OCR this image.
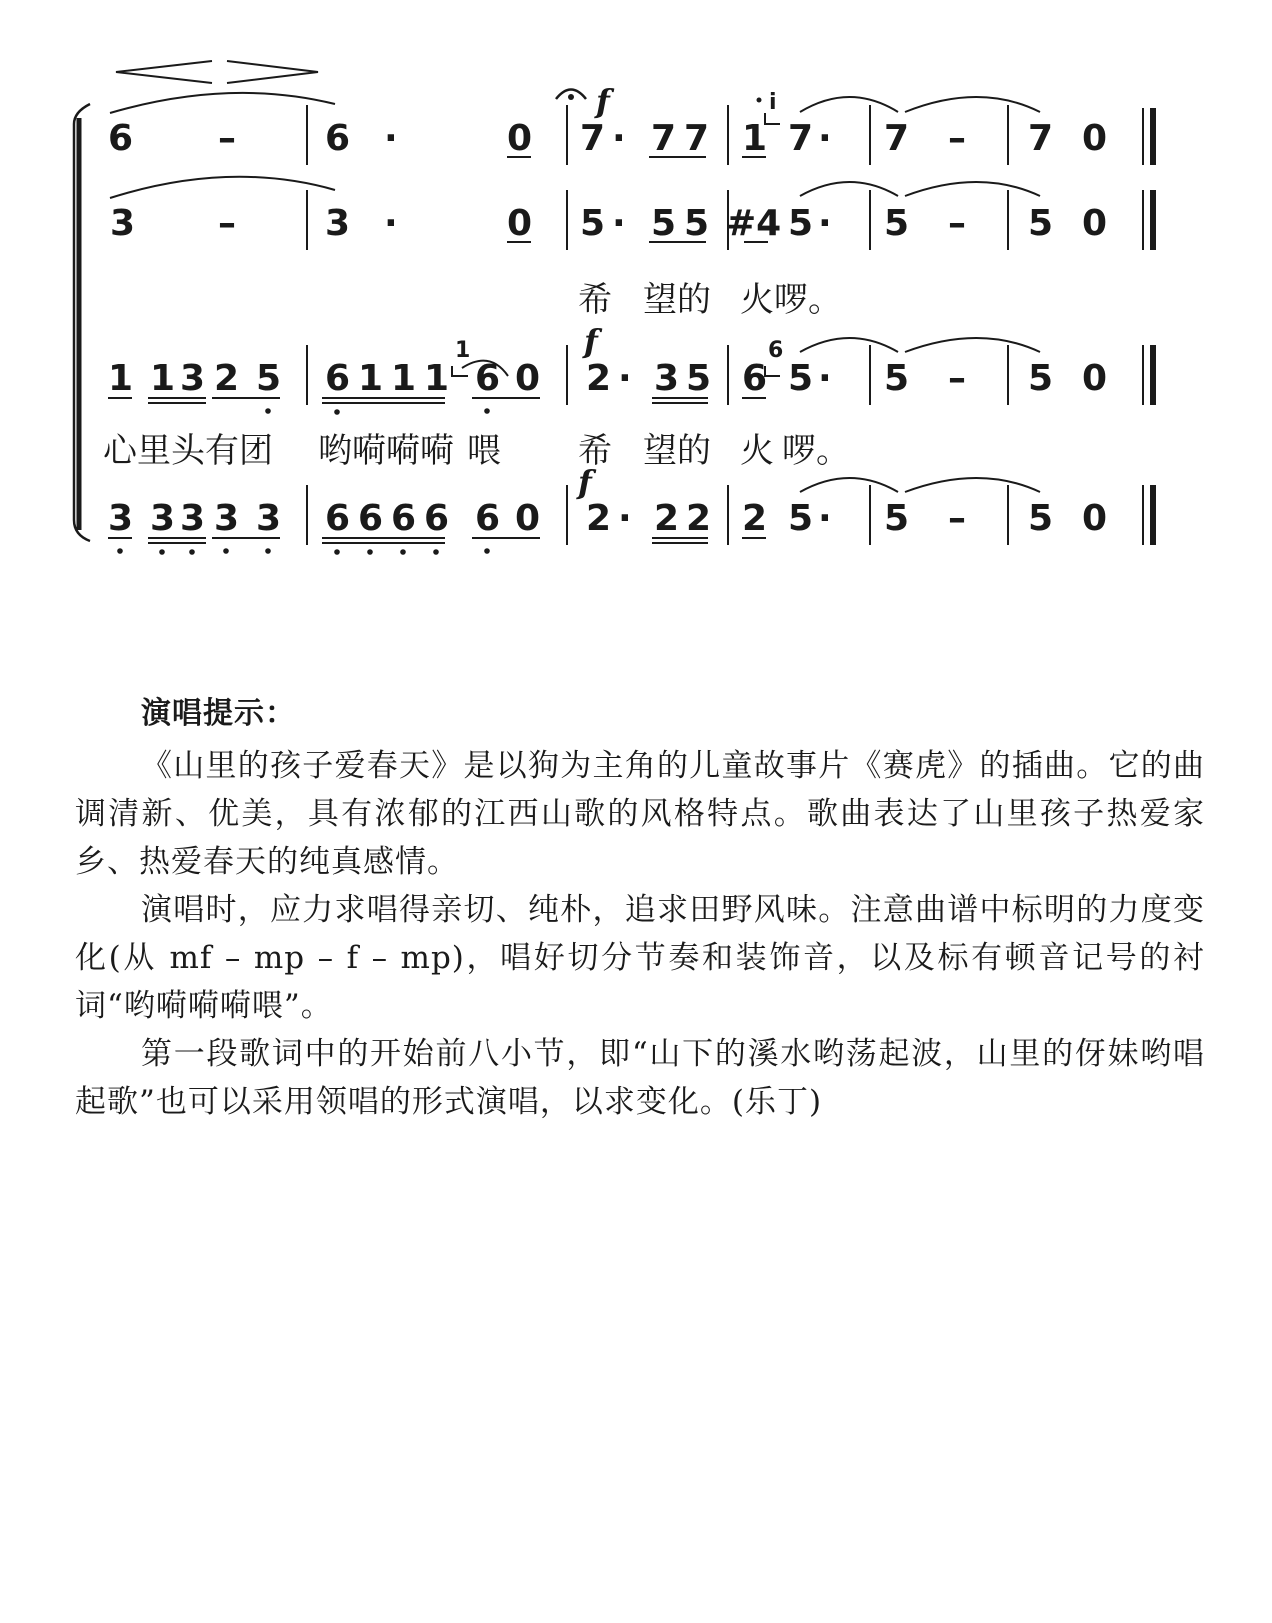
f
f
f
i
1	6
6 – 6 ·	0 7 · 7 7 1 7 · 7 – 7 0
3 – 3 ·	0 5 · 5 5 #4 5 · 5 – 5 0
希 望的 火啰。
1 1 3 2 5 6 1 1 1 6 0 2 · 3 5 6 5 · 5 – 5 0
心里头有团 哟嗬嗬嗬 喂 希 望的 火 啰。
3 3 3 3 3 6 6 6 6 6 0 2 · 2 2 2 5 · 5 – 5 0
演唱提示：

《山里的孩子爱春天》是以狗为主角的儿童故事片《赛虎》的插曲。它的曲调清新、优美，具有浓郁的江西山歌的风格特点。歌曲表达了山里孩子热爱家乡、热爱春天的纯真感情。

演唱时，应力求唱得亲切、纯朴，追求田野风味。注意曲谱中标明的力度变化(从 mf – mp – f – mp)，唱好切分节奏和装饰音，以及标有顿音记号的衬词“哟嗬嗬嗬喂”。

第一段歌词中的开始前八小节，即“山下的溪水哟荡起波，山里的伢妹哟唱起歌”也可以采用领唱的形式演唱，以求变化。(乐丁)
